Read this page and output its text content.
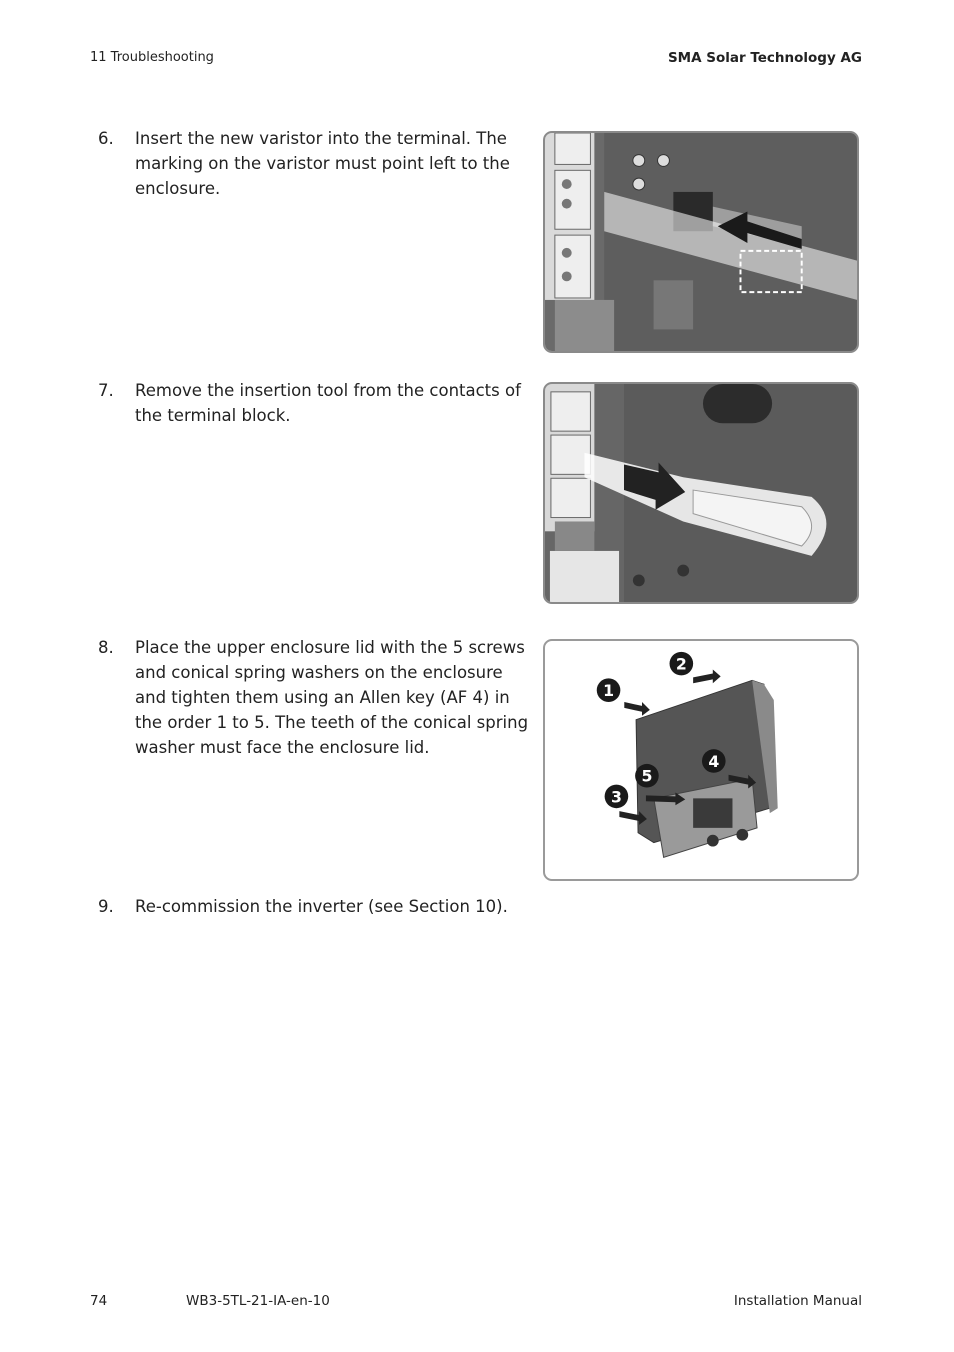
11 Troubleshooting	SMA Solar Technology AG
6. Insert the new varistor into the terminal. The marking on the varistor must point left to the enclosure.
7. Remove the insertion tool from the contacts of the terminal block.
8. Place the upper enclosure lid with the 5 screws and conical spring washers on the enclosure and tighten them using an Allen key (AF 4) in the order 1 to 5. The teeth of the conical spring washer must face the enclosure lid.
1
2
3
4
5
9. Re-commission the inverter (see Section 10).
74	WB3-5TL-21-IA-en-10	Installation Manual
